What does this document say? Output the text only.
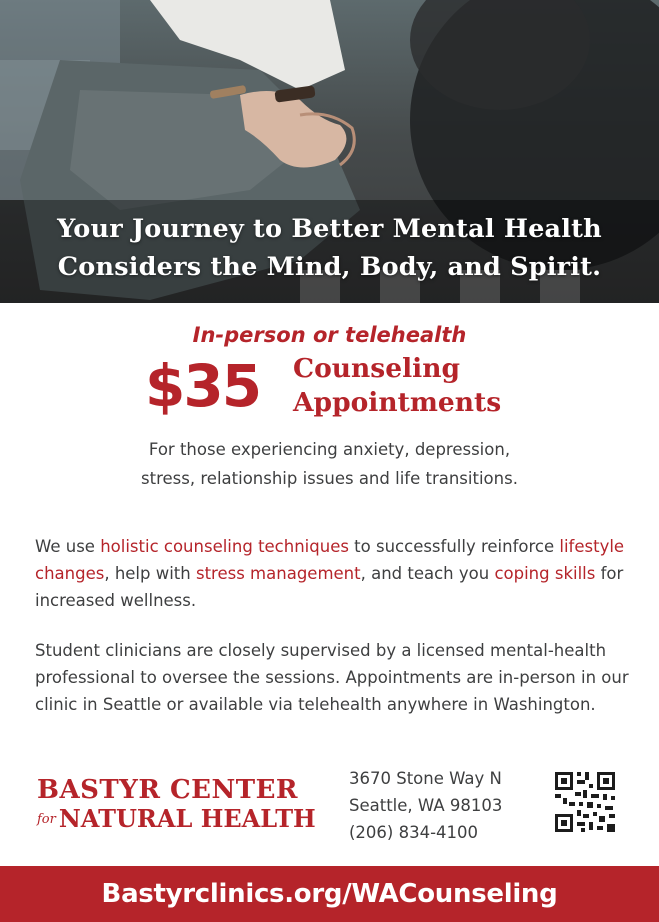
Your Journey to Better Mental Health
Considers the Mind, Body, and Spirit.

In-person or telehealth

$35 Counseling
Appointments

For those experiencing anxiety, depression,
stress, relationship issues and life transitions.

We use holistic counseling techniques to successfully reinforce lifestyle changes, help with stress management, and teach you coping skills for increased wellness.

Student clinicians are closely supervised by a licensed mental-health professional to oversee the sessions. Appointments are in-person in our clinic in Seattle or available via telehealth anywhere in Washington.

BASTYR CENTER
for NATURAL HEALTH
3670 Stone Way N
Seattle, WA 98103
(206) 834-4100
Bastyrclinics.org/WACounseling
